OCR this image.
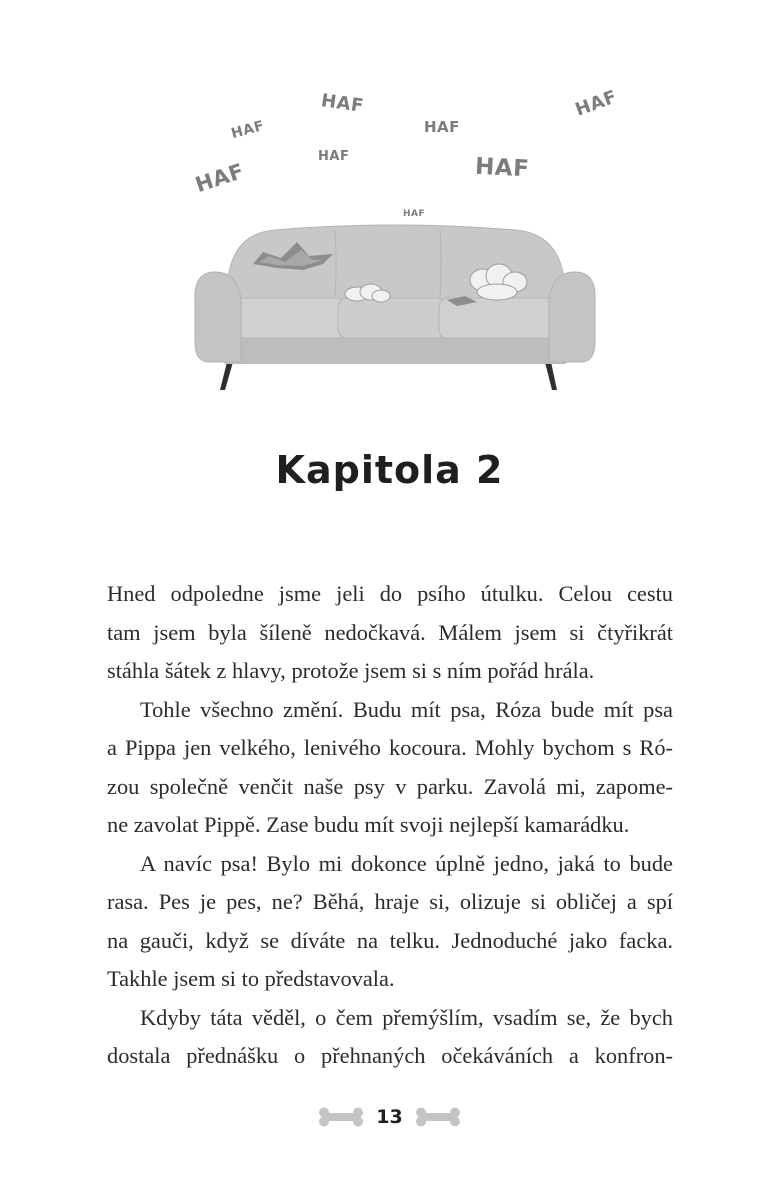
HAF
HAF	HAF
HAF
HAF
HAF	HAF
HAF
Kapitola 2
Hned odpoledne jsme jeli do psího útulku. Celou cestu
tam jsem byla šíleně nedočkavá. Málem jsem si čtyřikrát
stáhla šátek z hlavy, protože jsem si s ním pořád hrála.
Tohle všechno změní. Budu mít psa, Róza bude mít psa
a Pippa jen velkého, lenivého kocoura. Mohly bychom s Ró-
zou společně venčit naše psy v parku. Zavolá mi, zapome-
ne zavolat Pippě. Zase budu mít svoji nejlepší kamarádku.
A navíc psa! Bylo mi dokonce úplně jedno, jaká to bude
rasa. Pes je pes, ne? Běhá, hraje si, olizuje si obličej a spí
na gauči, když se díváte na telku. Jednoduché jako facka.
Takhle jsem si to představovala.
Kdyby táta věděl, o čem přemýšlím, vsadím se, že bych
dostala přednášku o přehnaných očekáváních a konfron-
13
